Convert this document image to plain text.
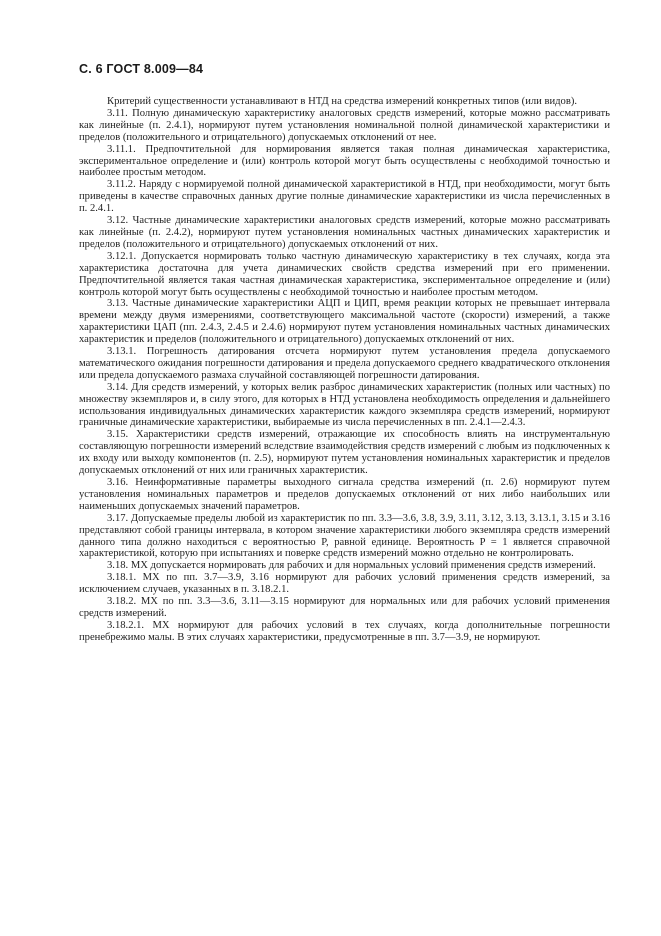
С. 6 ГОСТ 8.009—84

Критерий существенности устанавливают в НТД на средства измерений конкретных типов (или видов).

3.11. Полную динамическую характеристику аналоговых средств измерений, которые можно рассматривать как линейные (п. 2.4.1), нормируют путем установления номинальной полной динамической характеристики и пределов (положительного и отрицательного) допускаемых отклонений от нее.

3.11.1. Предпочтительной для нормирования является такая полная динамическая характеристика, экспериментальное определение и (или) контроль которой могут быть осуществлены с необходимой точностью и наиболее простым методом.

3.11.2. Наряду с нормируемой полной динамической характеристикой в НТД, при необходимости, могут быть приведены в качестве справочных данных другие полные динамические характеристики из числа перечисленных в п. 2.4.1.

3.12. Частные динамические характеристики аналоговых средств измерений, которые можно рассматривать как линейные (п. 2.4.2), нормируют путем установления номинальных частных динамических характеристик и пределов (положительного и отрицательного) допускаемых отклонений от них.

3.12.1. Допускается нормировать только частную динамическую характеристику в тех случаях, когда эта характеристика достаточна для учета динамических свойств средства измерений при его применении. Предпочтительной является такая частная динамическая характеристика, экспериментальное определение и (или) контроль которой могут быть осуществлены с необходимой точностью и наиболее простым методом.

3.13. Частные динамические характеристики АЦП и ЦИП, время реакции которых не превышает интервала времени между двумя измерениями, соответствующего максимальной частоте (скорости) измерений, а также характеристики ЦАП (пп. 2.4.3, 2.4.5 и 2.4.6) нормируют путем установления номинальных частных динамических характеристик и пределов (положительного и отрицательного) допускаемых отклонений от них.

3.13.1. Погрешность датирования отсчета нормируют путем установления предела допускаемого математического ожидания погрешности датирования и предела допускаемого среднего квадратического отклонения или предела допускаемого размаха случайной составляющей погрешности датирования.

3.14. Для средств измерений, у которых велик разброс динамических характеристик (полных или частных) по множеству экземпляров и, в силу этого, для которых в НТД установлена необходимость определения и дальнейшего использования индивидуальных динамических характеристик каждого экземпляра средств измерений, нормируют граничные динамические характеристики, выбираемые из числа перечисленных в пп. 2.4.1—2.4.3.

3.15. Характеристики средств измерений, отражающие их способность влиять на инструментальную составляющую погрешности измерений вследствие взаимодействия средств измерений с любым из подключенных к их входу или выходу компонентов (п. 2.5), нормируют путем установления номинальных характеристик и пределов допускаемых отклонений от них или граничных характеристик.

3.16. Неинформативные параметры выходного сигнала средства измерений (п. 2.6) нормируют путем установления номинальных параметров и пределов допускаемых отклонений от них либо наибольших или наименьших допускаемых значений параметров.

3.17. Допускаемые пределы любой из характеристик по пп. 3.3—3.6, 3.8, 3.9, 3.11, 3.12, 3.13, 3.13.1, 3.15 и 3.16 представляют собой границы интервала, в котором значение характеристики любого экземпляра средств измерений данного типа должно находиться с вероятностью P, равной единице. Вероятность P = 1 является справочной характеристикой, которую при испытаниях и поверке средств измерений можно отдельно не контролировать.

3.18. МХ допускается нормировать для рабочих и для нормальных условий применения средств измерений.

3.18.1. МХ по пп. 3.7—3.9, 3.16 нормируют для рабочих условий применения средств измерений, за исключением случаев, указанных в п. 3.18.2.1.

3.18.2. МХ по пп. 3.3—3.6, 3.11—3.15 нормируют для нормальных или для рабочих условий применения средств измерений.

3.18.2.1. МХ нормируют для рабочих условий в тех случаях, когда дополнительные погрешности пренебрежимо малы. В этих случаях характеристики, предусмотренные в пп. 3.7—3.9, не нормируют.
